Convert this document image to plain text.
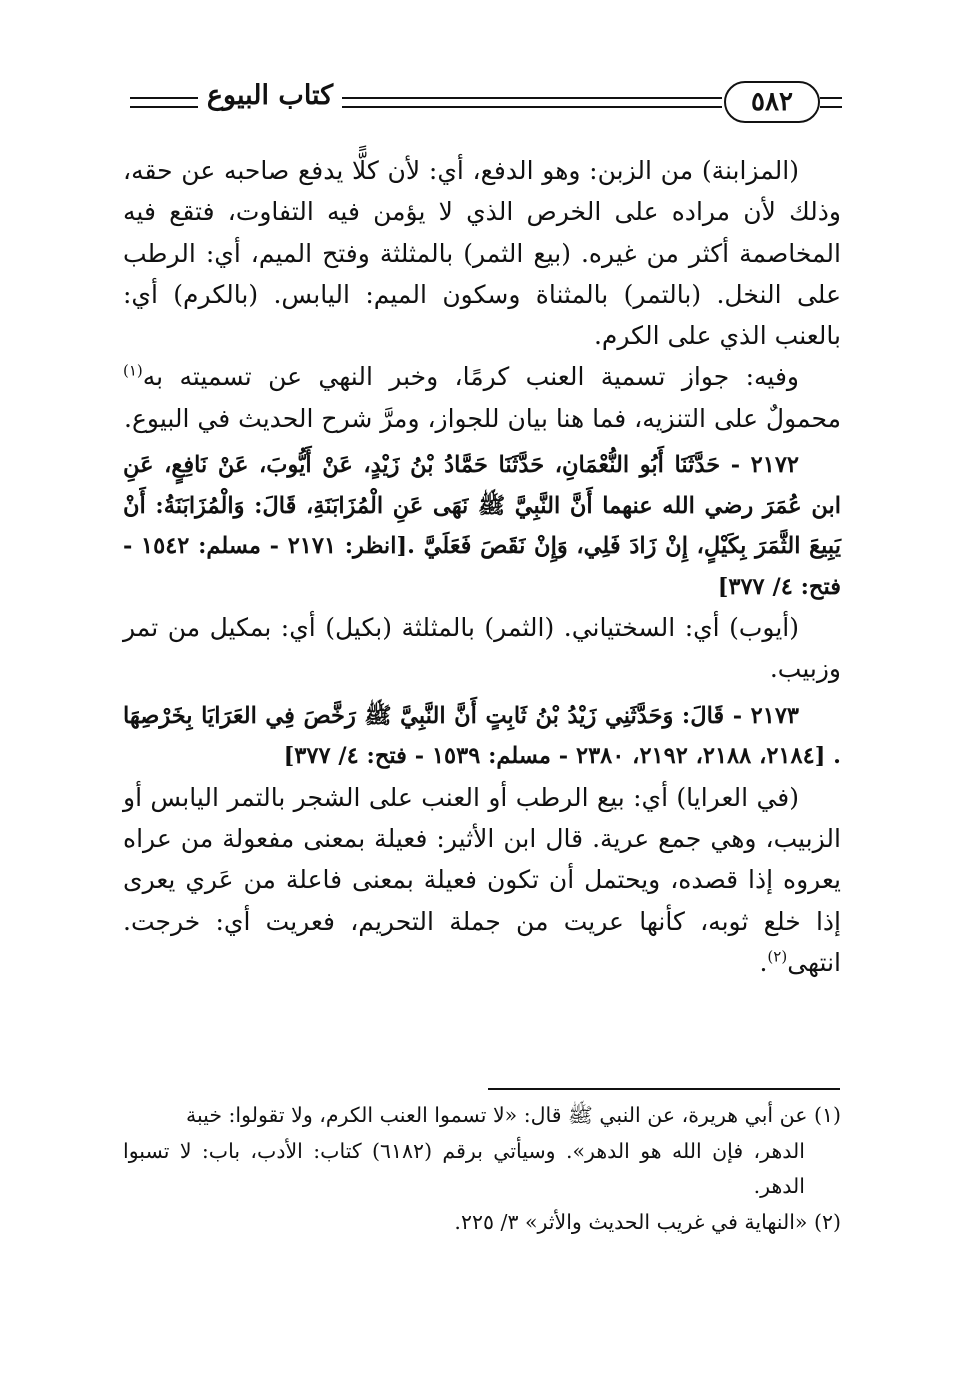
كتاب البيوع	٥٨٢

(المزابنة) من الزبن: وهو الدفع، أي: لأن كلًّا يدفع صاحبه عن حقه، وذلك لأن مراده على الخرص الذي لا يؤمن فيه التفاوت، فتقع فيه المخاصمة أكثر من غيره. (بيع الثمر) بالمثلثة وفتح الميم، أي: الرطب على النخل. (بالتمر) بالمثناة وسكون الميم: اليابس. (بالكرم) أي: بالعنب الذي على الكرم.

وفيه: جواز تسمية العنب كرمًا، وخبر النهي عن تسميته به$^{(١)}$ محمولٌ على التنزيه، فما هنا بيان للجواز، ومرَّ شرح الحديث في البيوع.

٢١٧٢ - حَدَّثَنَا أَبُو النُّعْمَانِ، حَدَّثَنَا حَمَّادُ بْنُ زَيْدٍ، عَنْ أَيُّوبَ، عَنْ نَافِعٍ، عَنِ ابن عُمَرَ رضي الله عنهما أَنَّ النَّبِيَّ ﷺ نَهَى عَنِ الْمُزَابَنَةِ، قَالَ: وَالْمُزَابَنَةُ: أَنْ يَبِيعَ الثَّمَرَ بِكَيْلٍ، إِنْ زَادَ فَلِي، وَإِنْ نَقَصَ فَعَلَيَّ .[انظر: ٢١٧١ - مسلم: ١٥٤٢ - فتح: ٤/ ٣٧٧]

(أيوب) أي: السختياني. (الثمر) بالمثلثة (بكيل) أي: بمكيل من تمر وزبيب.

٢١٧٣ - قَالَ: وَحَدَّثَنِي زَيْدُ بْنُ ثَابِتٍ أَنَّ النَّبِيَّ ﷺ رَخَّصَ فِي العَرَايَا بِخَرْصِهَا . [٢١٨٤، ٢١٨٨، ٢١٩٢، ٢٣٨٠ - مسلم: ١٥٣٩ - فتح: ٤/ ٣٧٧]

(في العرايا) أي: بيع الرطب أو العنب على الشجر بالتمر اليابس أو الزبيب، وهي جمع عرية. قال ابن الأثير: فعيلة بمعنى مفعولة من عراه يعروه إذا قصده، ويحتمل أن تكون فعيلة بمعنى فاعلة من عَري يعرى إذا خلع ثوبه، كأنها عريت من جملة التحريم، فعريت أي: خرجت. انتهى$^{(٢)}$.

(١) عن أبي هريرة، عن النبي ﷺ قال: «لا تسموا العنب الكرم، ولا تقولوا: خيبة

الدهر، فإن الله هو الدهر». وسيأتي برقم (٦١٨٢) كتاب: الأدب، باب: لا تسبوا الدهر.

(٢) «النهاية في غريب الحديث والأثر» ٣/ ٢٢٥.
